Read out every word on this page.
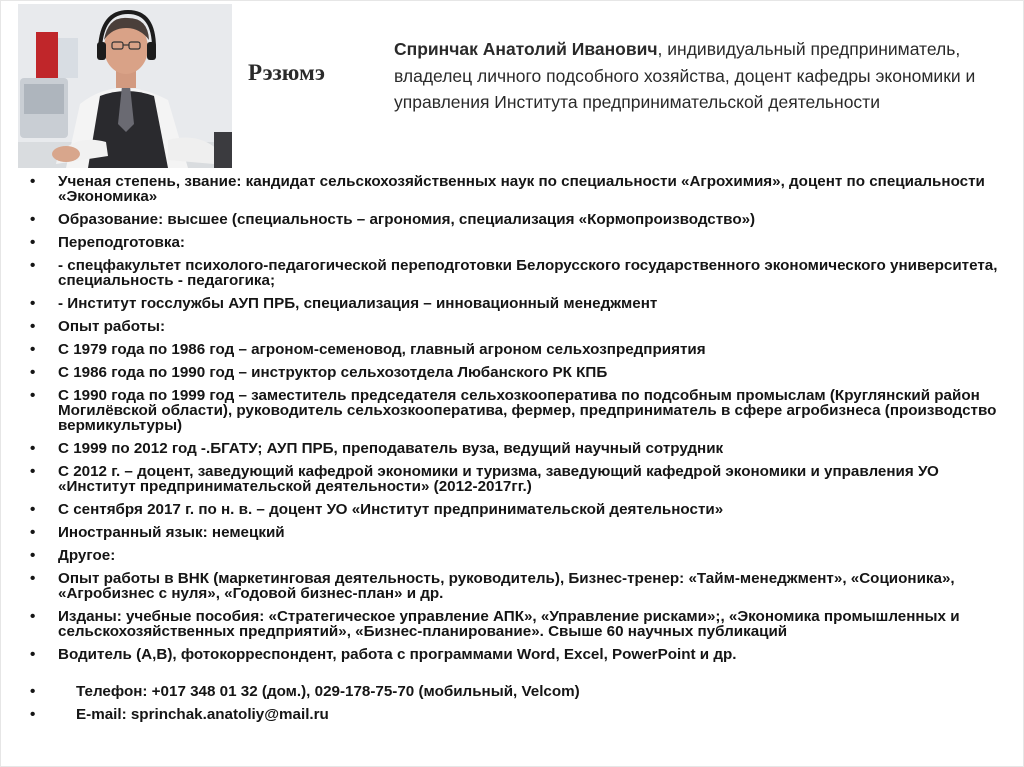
Рэзюмэ
Спринчак Анатолий Иванович, индивидуальный предприниматель, владелец личного подсобного хозяйства, доцент кафедры экономики и управления Института предпринимательской деятельности
• Ученая степень, звание: кандидат сельскохозяйственных наук по специальности «Агрохимия», доцент по специальности «Экономика»
• Образование: высшее (специальность – агрономия, специализация «Кормопроизводство»)
• Переподготовка:
• - спецфакультет психолого-педагогической переподготовки Белорусского государственного экономического университета, специальность - педагогика;
• - Институт госслужбы АУП ПРБ, специализация – инновационный менеджмент
• Опыт работы:
• С 1979 года по 1986 год – агроном-семеновод, главный агроном сельхозпредприятия
• С 1986 года по 1990 год – инструктор сельхозотдела Любанского РК КПБ
• С 1990 года по 1999 год – заместитель председателя сельхозкооператива по подсобным промыслам (Круглянский район Могилёвской области), руководитель сельхозкооператива, фермер, предприниматель в сфере агробизнеса (производство вермикультуры)
• С 1999 по 2012 год -.БГАТУ; АУП ПРБ, преподаватель вуза, ведущий научный сотрудник
• С 2012 г. – доцент, заведующий кафедрой экономики и туризма, заведующий кафедрой экономики и управления УО «Институт предпринимательской деятельности» (2012-2017гг.)
• С сентября 2017 г. по н. в. – доцент УО «Институт предпринимательской деятельности»
• Иностранный язык: немецкий
• Другое:
• Опыт работы в ВНК (маркетинговая деятельность, руководитель), Бизнес-тренер: «Тайм-менеджмент», «Соционика», «Агробизнес с нуля», «Годовой бизнес-план» и др.
• Изданы: учебные пособия: «Стратегическое управление АПК», «Управление рисками»;, «Экономика промышленных и сельскохозяйственных предприятий», «Бизнес-планирование». Свыше 60 научных публикаций
• Водитель (А,В), фотокорреспондент, работа с программами Word, Excel, PowerPoint и др.
• Телефон: +017 348 01 32 (дом.), 029-178-75-70 (мобильный, Velcom)
• E-mail: sprinchak.anatoliy@mail.ru
